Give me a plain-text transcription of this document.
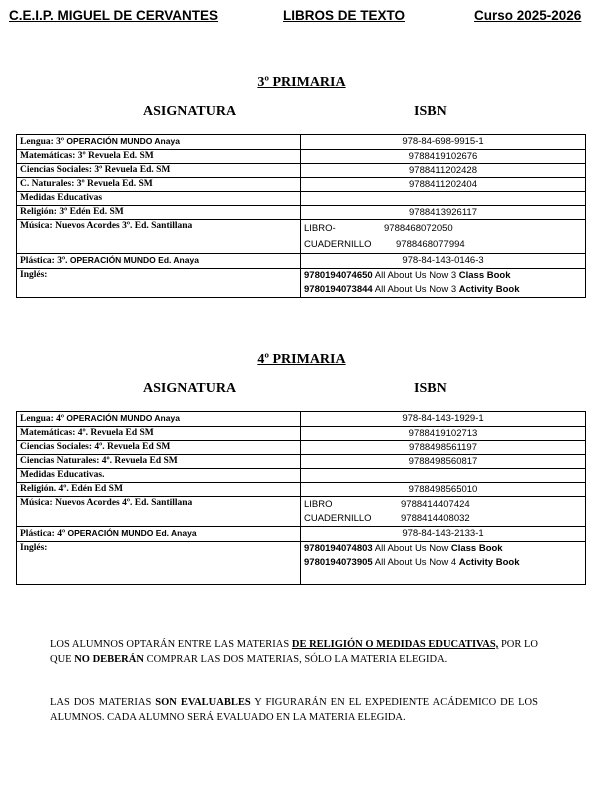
C.E.I.P. MIGUEL DE CERVANTES	LIBROS DE TEXTO	Curso 2025-2026
3º PRIMARIA
ASIGNATURA	ISBN
Lengua: 3º OPERACIÓN MUNDO Anaya	978-84-698-9915-1
Matemáticas: 3º Revuela Ed. SM	9788419102676
Ciencias Sociales: 3º Revuela Ed. SM	9788411202428
C. Naturales: 3º Revuela Ed. SM	9788411202404
Medidas Educativas	
Religión: 3º Edén Ed. SM	9788413926117
Música: Nuevos Acordes 3º. Ed. Santillana	LIBRO- 9788468072050
CUADERNILLO 9788468077994

Plástica: 3º. OPERACIÓN MUNDO Ed. Anaya	978-84-143-0146-3
Inglés:	9780194074650 All About Us Now 3 Class Book
9780194073844 All About Us Now 3 Activity Book
4º PRIMARIA
ASIGNATURA	ISBN
Lengua: 4º OPERACIÓN MUNDO Anaya	978-84-143-1929-1
Matemáticas: 4º. Revuela Ed SM	9788419102713
Ciencias Sociales: 4º. Revuela Ed SM	9788498561197
Ciencias Naturales: 4º. Revuela Ed SM	9788498560817
Medidas Educativas.	
Religión. 4º. Edén Ed SM	9788498565010
Música: Nuevos Acordes 4º. Ed. Santillana	LIBRO 9788414407424
CUADERNILLO 9788414408032

Plástica: 4º OPERACIÓN MUNDO Ed. Anaya	978-84-143-2133-1
Inglés:	9780194074803 All About Us Now Class Book
9780194073905 All About Us Now 4 Activity Book
LOS ALUMNOS OPTARÁN ENTRE LAS MATERIAS DE RELIGIÓN O MEDIDAS EDUCATIVAS, POR LO QUE NO DEBERÁN COMPRAR LAS DOS MATERIAS, SÓLO LA MATERIA ELEGIDA.
LAS DOS MATERIAS SON EVALUABLES Y FIGURARÁN EN EL EXPEDIENTE ACÁDEMICO DE LOS ALUMNOS. CADA ALUMNO SERÁ EVALUADO EN LA MATERIA ELEGIDA.
